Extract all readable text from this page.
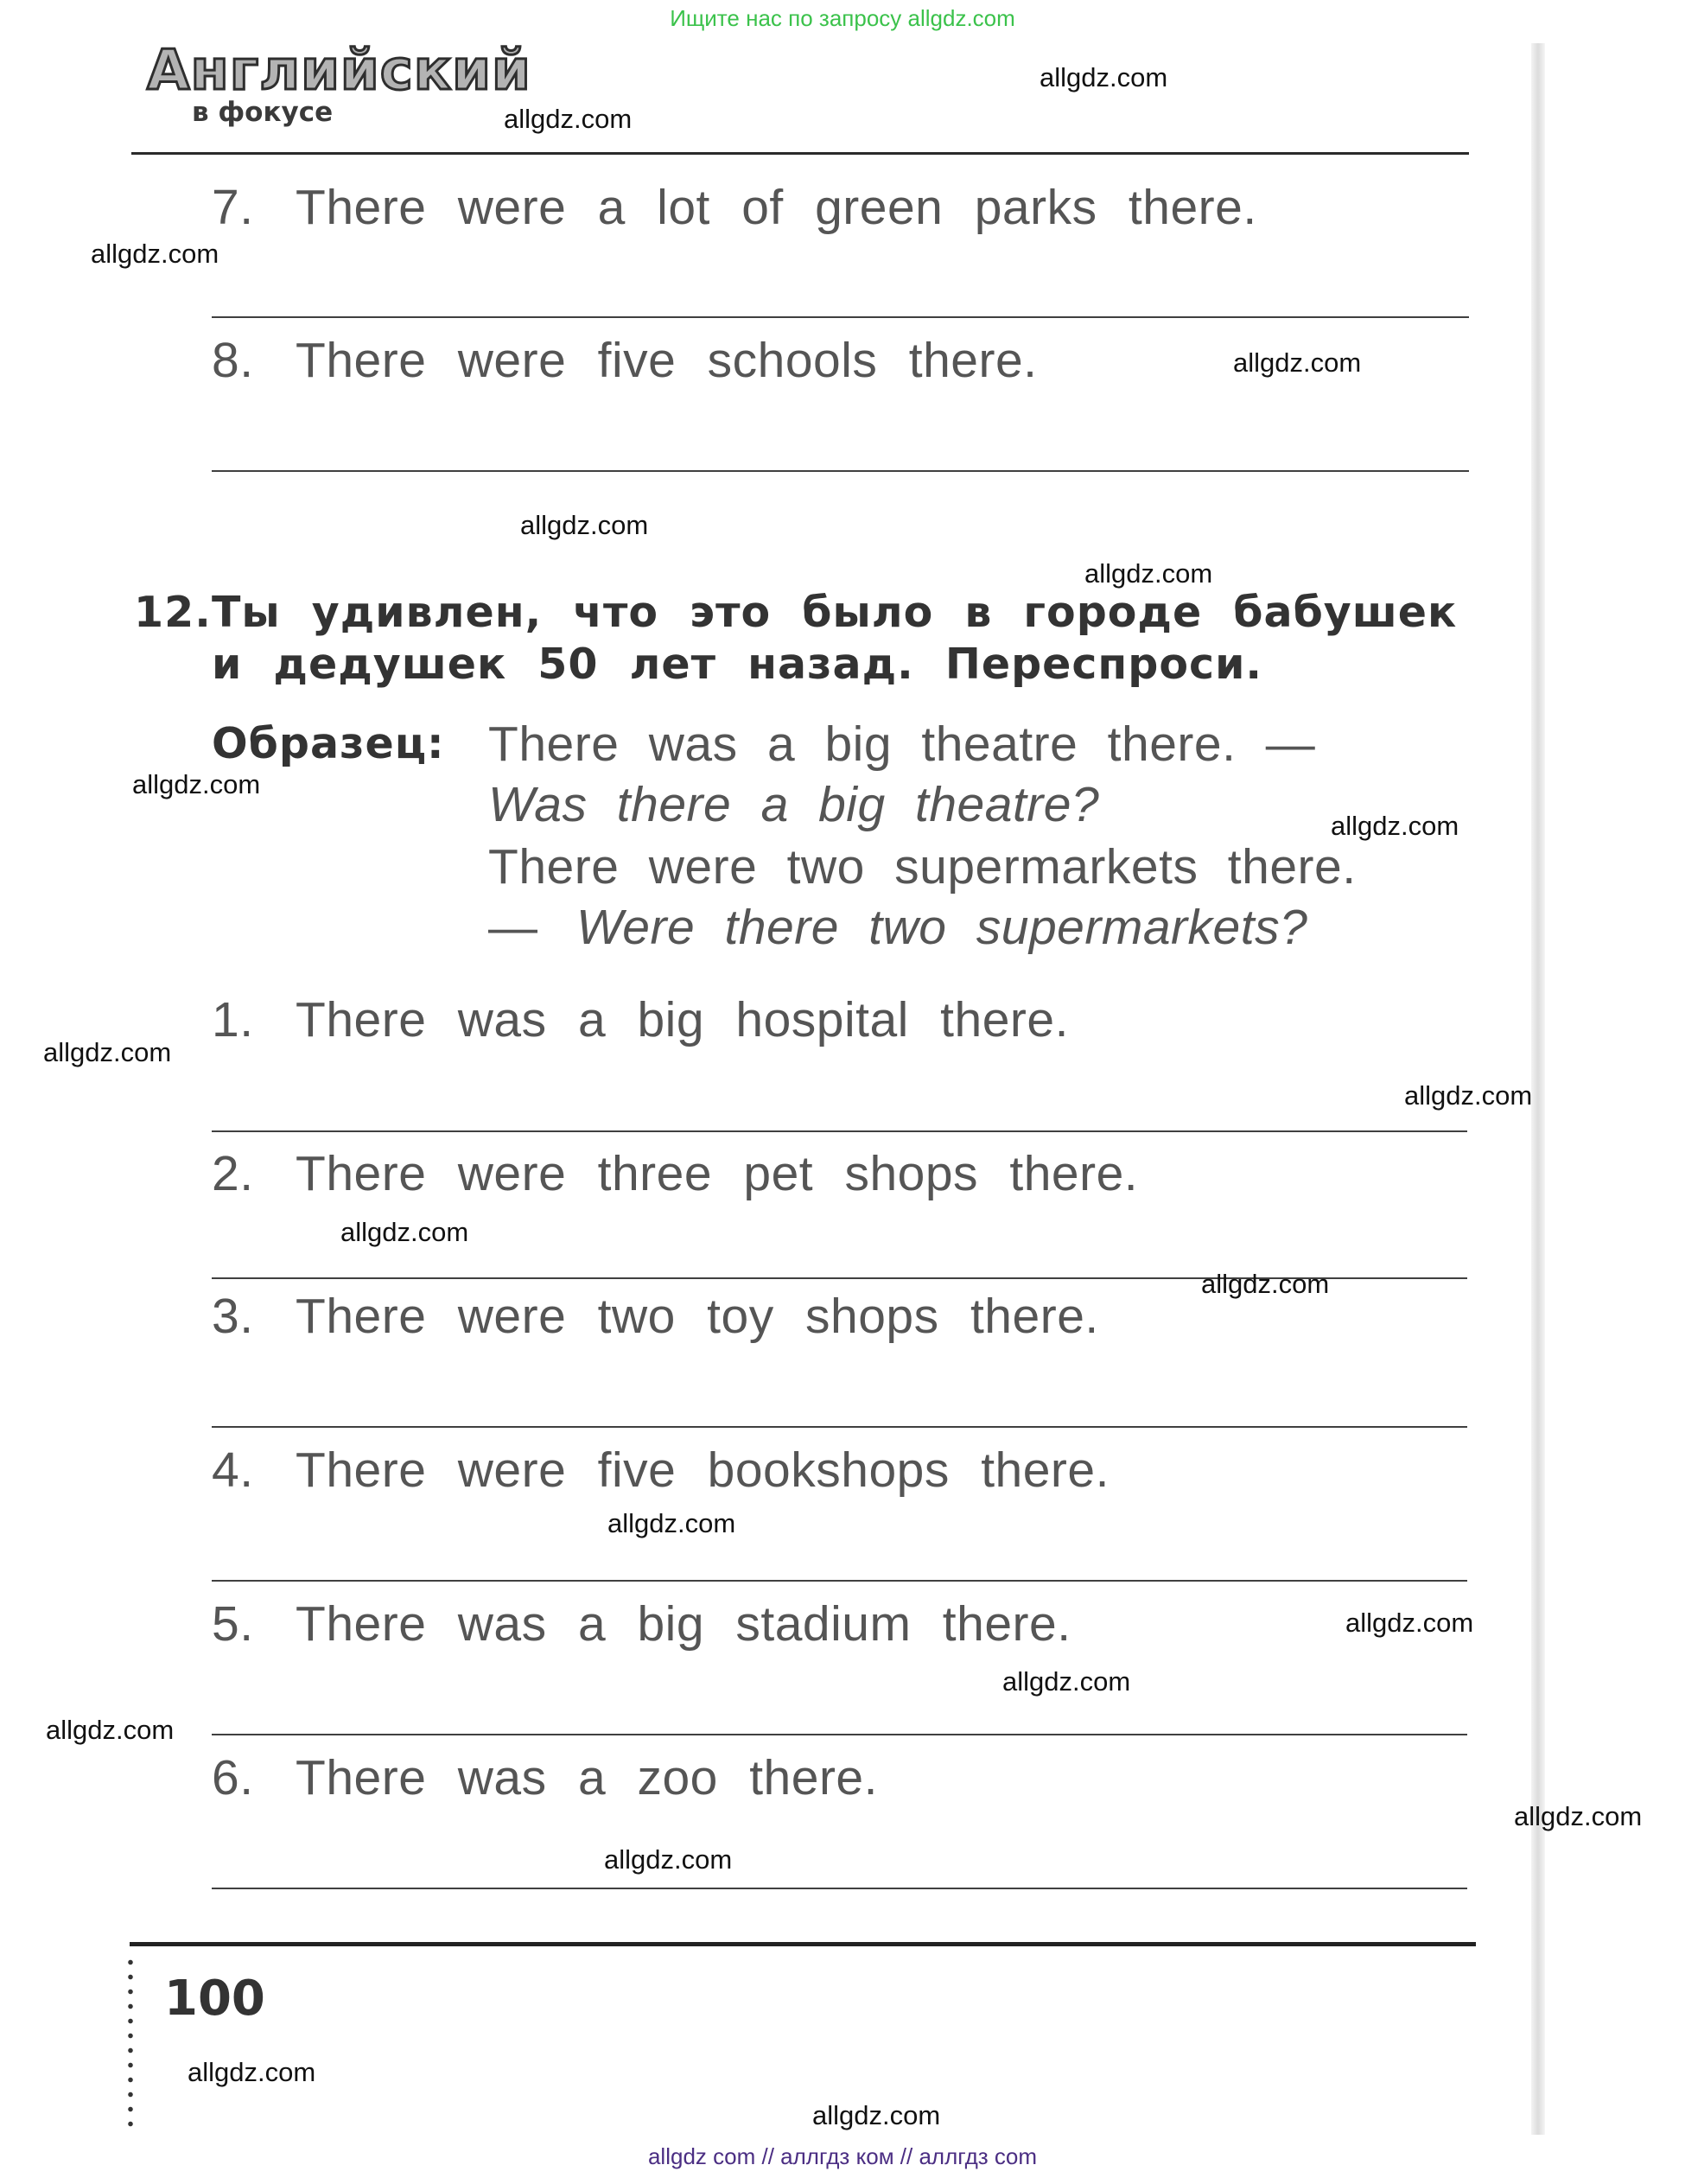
Ищите нас по запросу allgdz.com
allgdz com // аллгдз ком // аллгдз com
Английский
в фокусе
7. There were a lot of green parks there.
8. There were five schools there.
12. Ты удивлен, что это было в городе бабушек
и дедушек 50 лет назад. Переспроси.
Образец: There was a big theatre there. —
Was there a big theatre?
There were two supermarkets there.
— Were there two supermarkets?
1. There was a big hospital there.
2. There were three pet shops there.
3. There were two toy shops there.
4. There were five bookshops there.
5. There was a big stadium there.
6. There was a zoo there.
100
allgdz.com
allgdz.com
allgdz.com
allgdz.com
allgdz.com
allgdz.com
allgdz.com
allgdz.com
allgdz.com
allgdz.com
allgdz.com
allgdz.com
allgdz.com
allgdz.com
allgdz.com
allgdz.com
allgdz.com
allgdz.com
allgdz.com
allgdz.com
